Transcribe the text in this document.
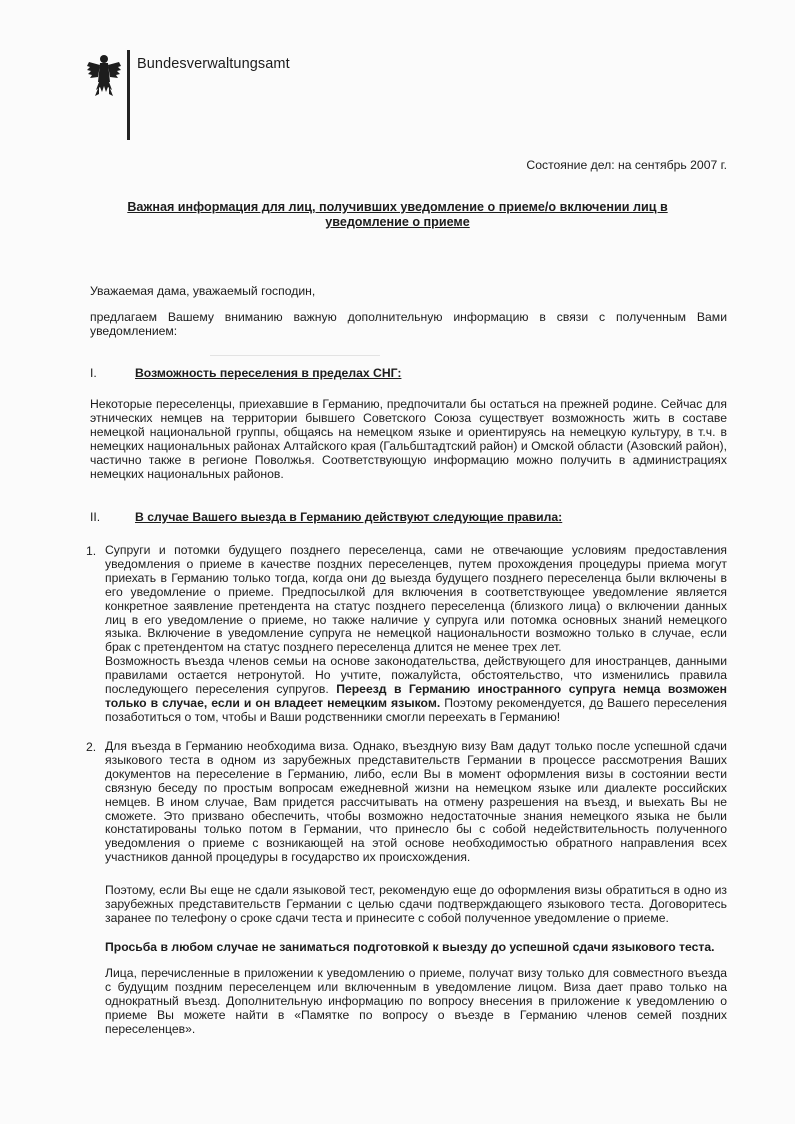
Bundesverwaltungsamt
Состояние дел: на сентябрь 2007 г.
Важная информация для лиц, получивших уведомление о приеме/о включении лиц в уведомление о приеме
Уважаемая дама, уважаемый господин,
предлагаем Вашему вниманию важную дополнительную информацию в связи с полученным Вами уведомлением:
I.	Возможность переселения в пределах СНГ:
Некоторые переселенцы, приехавшие в Германию, предпочитали бы остаться на прежней родине. Сейчас для этнических немцев на территории бывшего Советского Союза существует возможность жить в составе немецкой национальной группы, общаясь на немецком языке и ориентируясь на немецкую культуру, в т.ч. в немецких национальных районах Алтайского края (Гальбштадтский район) и Омской области (Азовский район), частично также в регионе Поволжья. Соответствующую информацию можно получить в администрациях немецких национальных районов.
II.	В случае Вашего выезда в Германию действуют следующие правила:
1. Супруги и потомки будущего позднего переселенца, сами не отвечающие условиям предоставления уведомления о приеме в качестве поздних переселенцев, путем прохождения процедуры приема могут приехать в Германию только тогда, когда они до выезда будущего позднего переселенца были включены в его уведомление о приеме. Предпосылкой для включения в соответствующее уведомление является конкретное заявление претендента на статус позднего переселенца (близкого лица) о включении данных лиц в его уведомление о приеме, но также наличие у супруга или потомка основных знаний немецкого языка. Включение в уведомление супруга не немецкой национальности возможно только в случае, если брак с претендентом на статус позднего переселенца длится не менее трех лет.
Возможность въезда членов семьи на основе законодательства, действующего для иностранцев, данными правилами остается нетронутой. Но учтите, пожалуйста, обстоятельство, что изменились правила последующего переселения супругов. Переезд в Германию иностранного супруга немца возможен только в случае, если и он владеет немецким языком. Поэтому рекомендуется, до Вашего переселения позаботиться о том, чтобы и Ваши родственники смогли переехать в Германию!
2. Для въезда в Германию необходима виза. Однако, въездную визу Вам дадут только после успешной сдачи языкового теста в одном из зарубежных представительств Германии в процессе рассмотрения Ваших документов на переселение в Германию, либо, если Вы в момент оформления визы в состоянии вести связную беседу по простым вопросам ежедневной жизни на немецком языке или диалекте российских немцев. В ином случае, Вам придется рассчитывать на отмену разрешения на въезд, и выехать Вы не сможете. Это призвано обеспечить, чтобы возможно недостаточные знания немецкого языка не были констатированы только потом в Германии, что принесло бы с собой недействительность полученного уведомления о приеме с возникающей на этой основе необходимостью обратного направления всех участников данной процедуры в государство их происхождения.
Поэтому, если Вы еще не сдали языковой тест, рекомендую еще до оформления визы обратиться в одно из зарубежных представительств Германии с целью сдачи подтверждающего языкового теста. Договоритесь заранее по телефону о сроке сдачи теста и принесите с собой полученное уведомление о приеме.
Просьба в любом случае не заниматься подготовкой к выезду до успешной сдачи языкового теста.
Лица, перечисленные в приложении к уведомлению о приеме, получат визу только для совместного въезда с будущим поздним переселенцем или включенным в уведомление лицом. Виза дает право только на однократный въезд. Дополнительную информацию по вопросу внесения в приложение к уведомлению о приеме Вы можете найти в «Памятке по вопросу о въезде в Германию членов семей поздних переселенцев».
